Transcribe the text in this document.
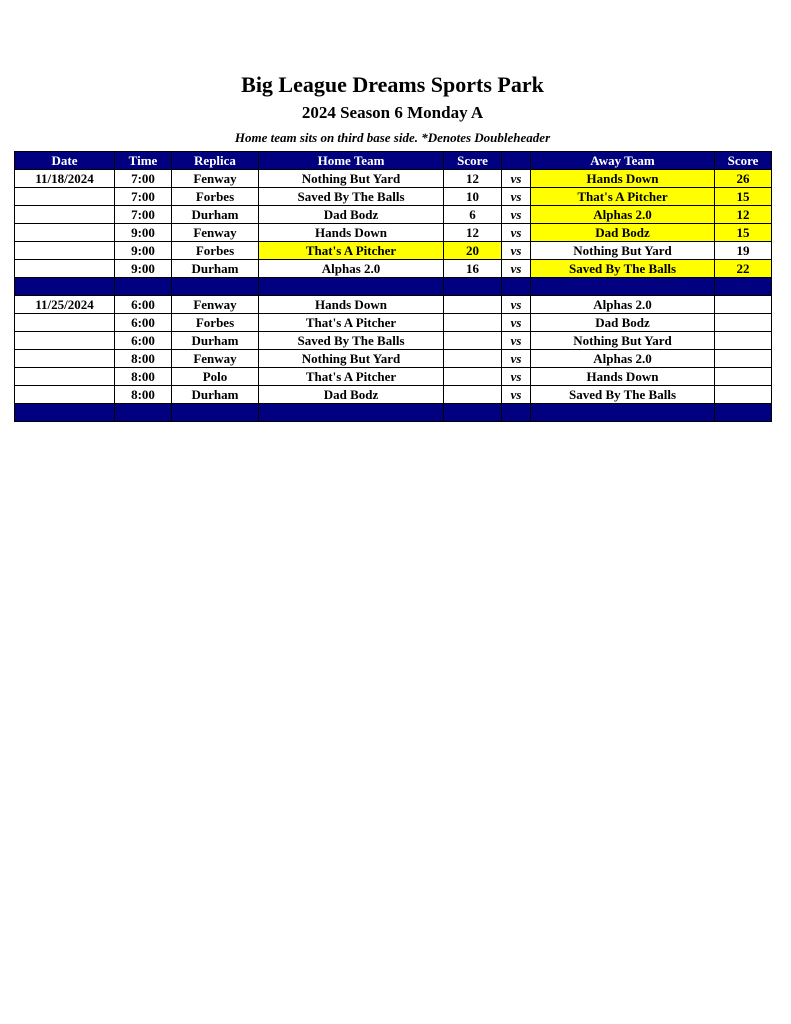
Big League Dreams Sports Park
2024 Season 6 Monday A
Home team sits on third base side. *Denotes Doubleheader
Date	Time	Replica	Home Team	Score		Away Team	Score
11/18/2024	7:00	Fenway	Nothing But Yard	12	vs	Hands Down	26
	7:00	Forbes	Saved By The Balls	10	vs	That's A Pitcher	15
	7:00	Durham	Dad Bodz	6	vs	Alphas 2.0	12
	9:00	Fenway	Hands Down	12	vs	Dad Bodz	15
	9:00	Forbes	That's A Pitcher	20	vs	Nothing But Yard	19
	9:00	Durham	Alphas 2.0	16	vs	Saved By The Balls	22

11/25/2024	6:00	Fenway	Hands Down		vs	Alphas 2.0	
	6:00	Forbes	That's A Pitcher		vs	Dad Bodz	
	6:00	Durham	Saved By The Balls		vs	Nothing But Yard	
	8:00	Fenway	Nothing But Yard		vs	Alphas 2.0	
	8:00	Polo	That's A Pitcher		vs	Hands Down	
	8:00	Durham	Dad Bodz		vs	Saved By The Balls	
